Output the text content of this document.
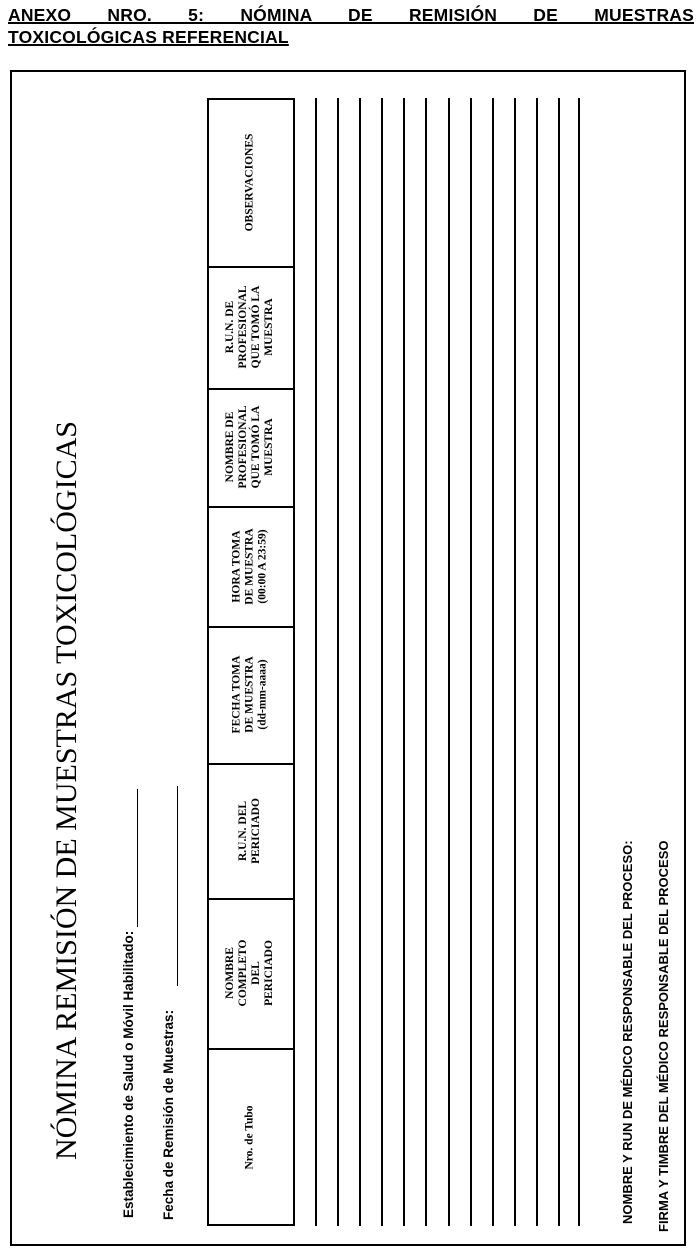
ANEXO NRO. 5: NÓMINA DE REMISIÓN DE MUESTRAS
TOXICOLÓGICAS REFERENCIAL
NÓMINA REMISIÓN DE MUESTRAS TOXICOLÓGICAS	Establecimiento de Salud o Móvil Habilitado: Fecha de Remisión de Muestras:	Nro. de Tubo
NOMBRE COMPLETO DEL PERICIADO
R.U.N. DEL PERICIADO
FECHA TOMA DE MUESTRA (dd-mm-aaaa)
HORA TOMA DE MUESTRA (00:00 A 23:59)
NOMBRE DE PROFESIONAL QUE TOMÓ LA MUESTRA
R.U.N. DE PROFESIONAL QUE TOMÓ LA MUESTRA
OBSERVACIONES
NOMBRE Y RUN DE MÉDICO RESPONSABLE DEL PROCESO: FIRMA Y TIMBRE DEL MÉDICO RESPONSABLE DEL PROCESO
